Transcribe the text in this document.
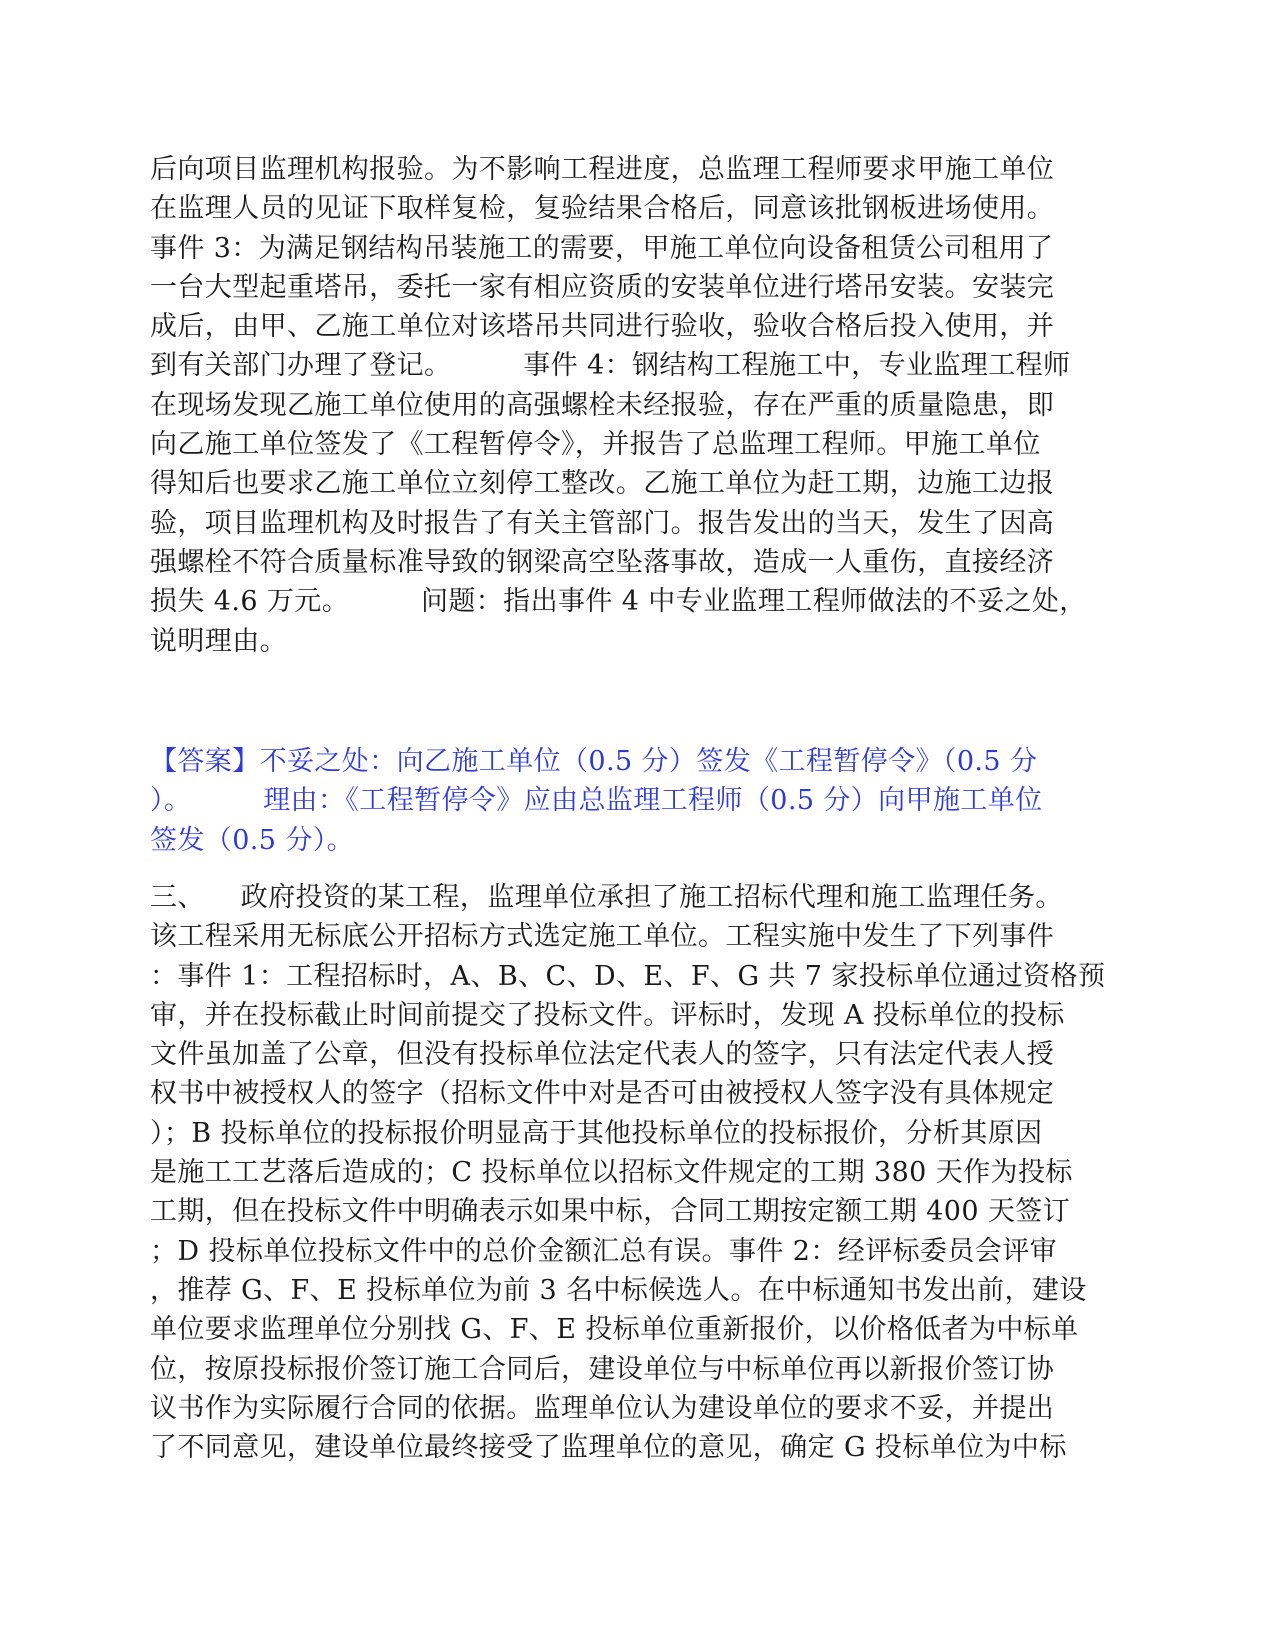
后向项目监理机构报验。为不影响工程进度，总监理工程师要求甲施工单位
在监理人员的见证下取样复检，复验结果合格后，同意该批钢板进场使用。
事件 3：为满足钢结构吊装施工的需要，甲施工单位向设备租赁公司租用了
一台大型起重塔吊，委托一家有相应资质的安装单位进行塔吊安装。安装完
成后，由甲、乙施工单位对该塔吊共同进行验收，验收合格后投入使用，并
到有关部门办理了登记。        事件 4：钢结构工程施工中，专业监理工程师
在现场发现乙施工单位使用的高强螺栓未经报验，存在严重的质量隐患，即
向乙施工单位签发了《工程暂停令》，并报告了总监理工程师。甲施工单位
得知后也要求乙施工单位立刻停工整改。乙施工单位为赶工期，边施工边报
验，项目监理机构及时报告了有关主管部门。报告发出的当天，发生了因高
强螺栓不符合质量标准导致的钢梁高空坠落事故，造成一人重伤，直接经济
损失 4.6 万元。        问题：指出事件 4 中专业监理工程师做法的不妥之处，
说明理由。
【答案】不妥之处：向乙施工单位（0.5 分）签发《工程暂停令》（0.5 分
）。        理由：《工程暂停令》应由总监理工程师（0.5 分）向甲施工单位
签发（0.5 分）。
三、    政府投资的某工程，监理单位承担了施工招标代理和施工监理任务。
该工程采用无标底公开招标方式选定施工单位。工程实施中发生了下列事件
：事件 1：工程招标时，A、B、C、D、E、F、G 共 7 家投标单位通过资格预
审，并在投标截止时间前提交了投标文件。评标时，发现 A 投标单位的投标
文件虽加盖了公章，但没有投标单位法定代表人的签字，只有法定代表人授
权书中被授权人的签字（招标文件中对是否可由被授权人签字没有具体规定
）；B 投标单位的投标报价明显高于其他投标单位的投标报价，分析其原因
是施工工艺落后造成的；C 投标单位以招标文件规定的工期 380 天作为投标
工期，但在投标文件中明确表示如果中标，合同工期按定额工期 400 天签订
；D 投标单位投标文件中的总价金额汇总有误。事件 2：经评标委员会评审
，推荐 G、F、E 投标单位为前 3 名中标候选人。在中标通知书发出前，建设
单位要求监理单位分别找 G、F、E 投标单位重新报价，以价格低者为中标单
位，按原投标报价签订施工合同后，建设单位与中标单位再以新报价签订协
议书作为实际履行合同的依据。监理单位认为建设单位的要求不妥，并提出
了不同意见，建设单位最终接受了监理单位的意见，确定 G 投标单位为中标
